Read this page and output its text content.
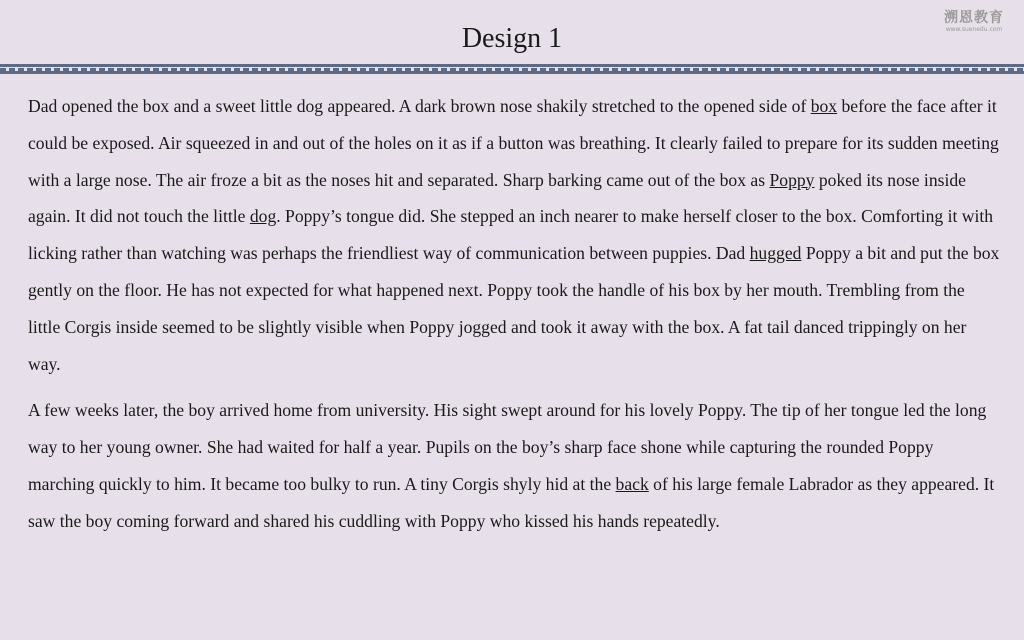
Design 1
溯恩教育
www.suenedu.com

Dad opened the box and a sweet little dog appeared. A dark brown nose shakily stretched to the opened side of box before the face after it could be exposed. Air squeezed in and out of the holes on it as if a button was breathing. It clearly failed to prepare for its sudden meeting with a large nose. The air froze a bit as the noses hit and separated. Sharp barking came out of the box as Poppy poked its nose inside again. It did not touch the little dog. Poppy’s tongue did. She stepped an inch nearer to make herself closer to the box. Comforting it with licking rather than watching was perhaps the friendliest way of communication between puppies. Dad hugged Poppy a bit and put the box gently on the floor. He has not expected for what happened next. Poppy took the handle of his box by her mouth. Trembling from the little Corgis inside seemed to be slightly visible when Poppy jogged and took it away with the box. A fat tail danced trippingly on her way.

A few weeks later, the boy arrived home from university. His sight swept around for his lovely Poppy. The tip of her tongue led the long way to her young owner. She had waited for half a year. Pupils on the boy’s sharp face shone while capturing the rounded Poppy marching quickly to him. It became too bulky to run. A tiny Corgis shyly hid at the back of his large female Labrador as they appeared. It saw the boy coming forward and shared his cuddling with Poppy who kissed his hands repeatedly.
